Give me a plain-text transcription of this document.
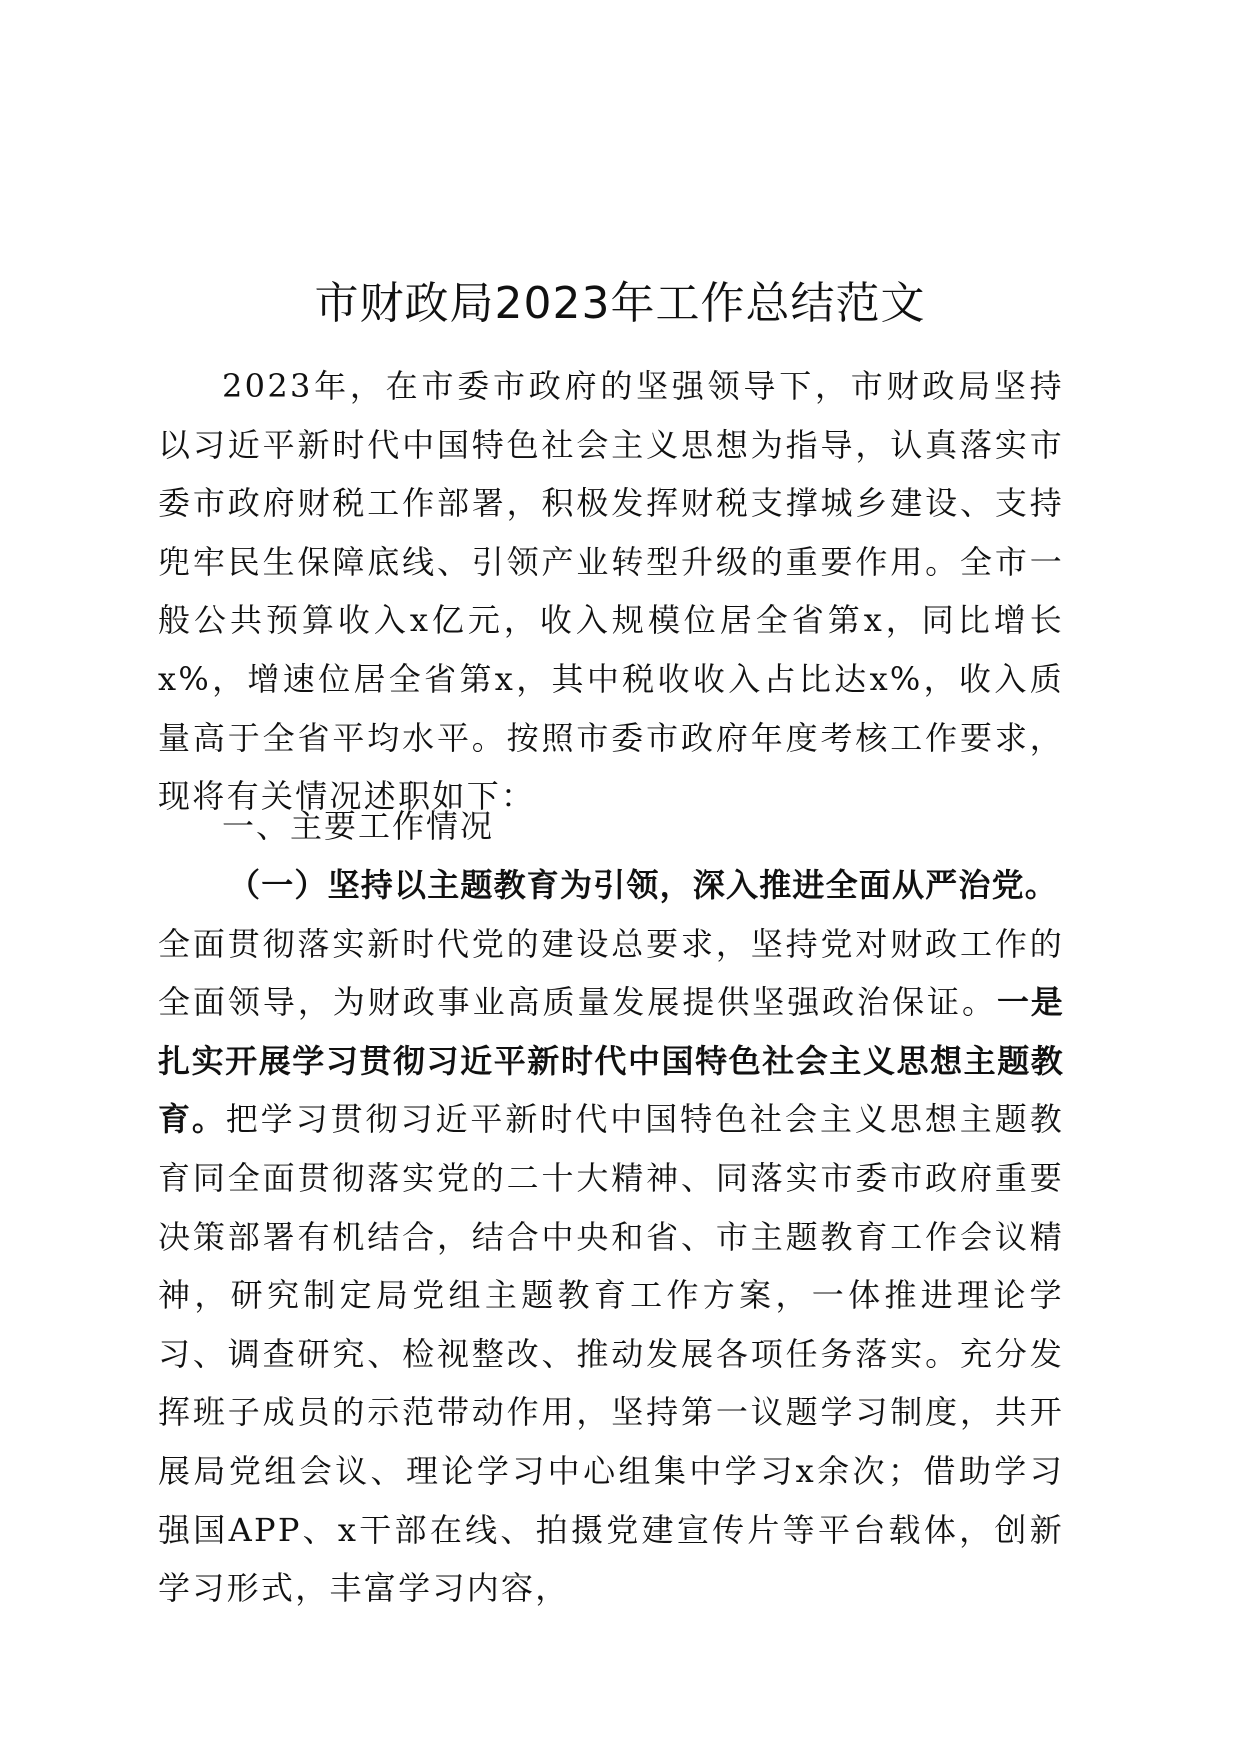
市财政局2023年工作总结范文

2023年，在市委市政府的坚强领导下，市财政局坚持以习近平新时代中国特色社会主义思想为指导，认真落实市委市政府财税工作部署，积极发挥财税支撑城乡建设、支持兜牢民生保障底线、引领产业转型升级的重要作用。全市一般公共预算收入x亿元，收入规模位居全省第x，同比增长x%，增速位居全省第x，其中税收收入占比达x%，收入质量高于全省平均水平。按照市委市政府年度考核工作要求，现将有关情况述职如下：

一、主要工作情况

（一）坚持以主题教育为引领，深入推进全面从严治党。
全面贯彻落实新时代党的建设总要求，坚持党对财政工作的全面领导，为财政事业高质量发展提供坚强政治保证。一是扎实开展学习贯彻习近平新时代中国特色社会主义思想主题教育。把学习贯彻习近平新时代中国特色社会主义思想主题教育同全面贯彻落实党的二十大精神、同落实市委市政府重要决策部署有机结合，结合中央和省、市主题教育工作会议精神，研究制定局党组主题教育工作方案，一体推进理论学习、调查研究、检视整改、推动发展各项任务落实。充分发挥班子成员的示范带动作用，坚持第一议题学习制度，共开展局党组会议、理论学习中心组集中学习x余次；借助学习强国APP、x干部在线、拍摄党建宣传片等平台载体，创新学习形式，丰富学习内容，
